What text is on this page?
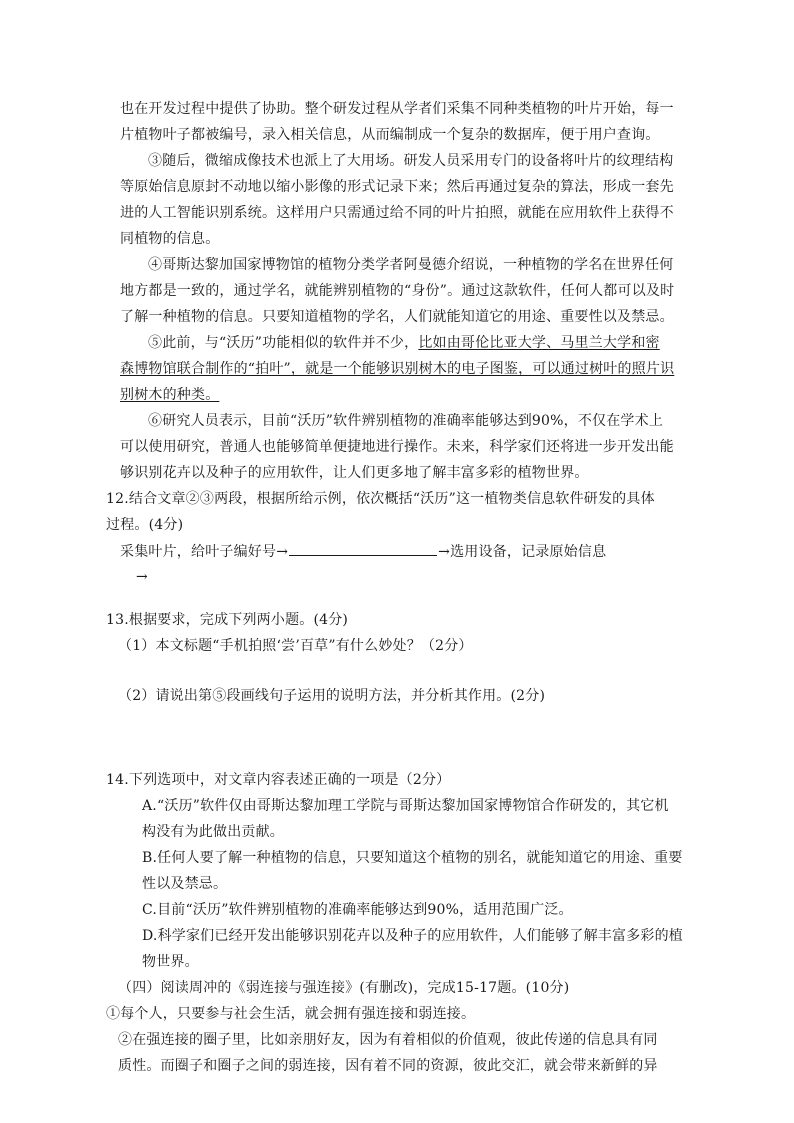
也在开发过程中提供了协助。整个研发过程从学者们采集不同种类植物的叶片开始，每一
片植物叶子都被编号，录入相关信息，从而编制成一个复杂的数据库，便于用户查询。
③随后，微缩成像技术也派上了大用场。研发人员采用专门的设备将叶片的纹理结构
等原始信息原封不动地以缩小影像的形式记录下来；然后再通过复杂的算法，形成一套先
进的人工智能识别系统。这样用户只需通过给不同的叶片拍照，就能在应用软件上获得不
同植物的信息。
④哥斯达黎加国家博物馆的植物分类学者阿曼德介绍说，一种植物的学名在世界任何
地方都是一致的，通过学名，就能辨别植物的“身份”。通过这款软件，任何人都可以及时
了解一种植物的信息。只要知道植物的学名，人们就能知道它的用途、重要性以及禁忌。
⑤此前，与“沃历”功能相似的软件并不少，比如由哥伦比亚大学、马里兰大学和密
森博物馆联合制作的“拍叶”，就是一个能够识别树木的电子图鉴，可以通过树叶的照片识
别树木的种类。
⑥研究人员表示，目前“沃历”软件辨别植物的准确率能够达到90%，不仅在学术上
可以使用研究，普通人也能够简单便捷地进行操作。未来，科学家们还将进一步开发出能
够识别花卉以及种子的应用软件，让人们更多地了解丰富多彩的植物世界。
12.结合文章②③两段，根据所给示例，依次概括“沃历”这一植物类信息软件研发的具体
过程。(4分)
采集叶片，给叶子编好号→	→选用设备，记录原始信息
→
13.根据要求，完成下列两小题。(4分)
（1）本文标题“手机拍照‘尝’百草”有什么妙处？（2分）
（2）请说出第⑤段画线句子运用的说明方法，并分析其作用。(2分)
14.下列选项中，对文章内容表述正确的一项是（2分）
A.“沃历”软件仅由哥斯达黎加理工学院与哥斯达黎加国家博物馆合作研发的，其它机
构没有为此做出贡献。
B.任何人要了解一种植物的信息，只要知道这个植物的别名，就能知道它的用途、重要
性以及禁忌。
C.目前“沃历”软件辨别植物的准确率能够达到90%，适用范围广泛。
D.科学家们已经开发出能够识别花卉以及种子的应用软件，人们能够了解丰富多彩的植
物世界。
（四）阅读周冲的《弱连接与强连接》(有删改)，完成15-17题。(10分)
①每个人，只要参与社会生活，就会拥有强连接和弱连接。
②在强连接的圈子里，比如亲朋好友，因为有着相似的价值观，彼此传递的信息具有同
质性。而圈子和圈子之间的弱连接，因有着不同的资源，彼此交汇，就会带来新鲜的异
